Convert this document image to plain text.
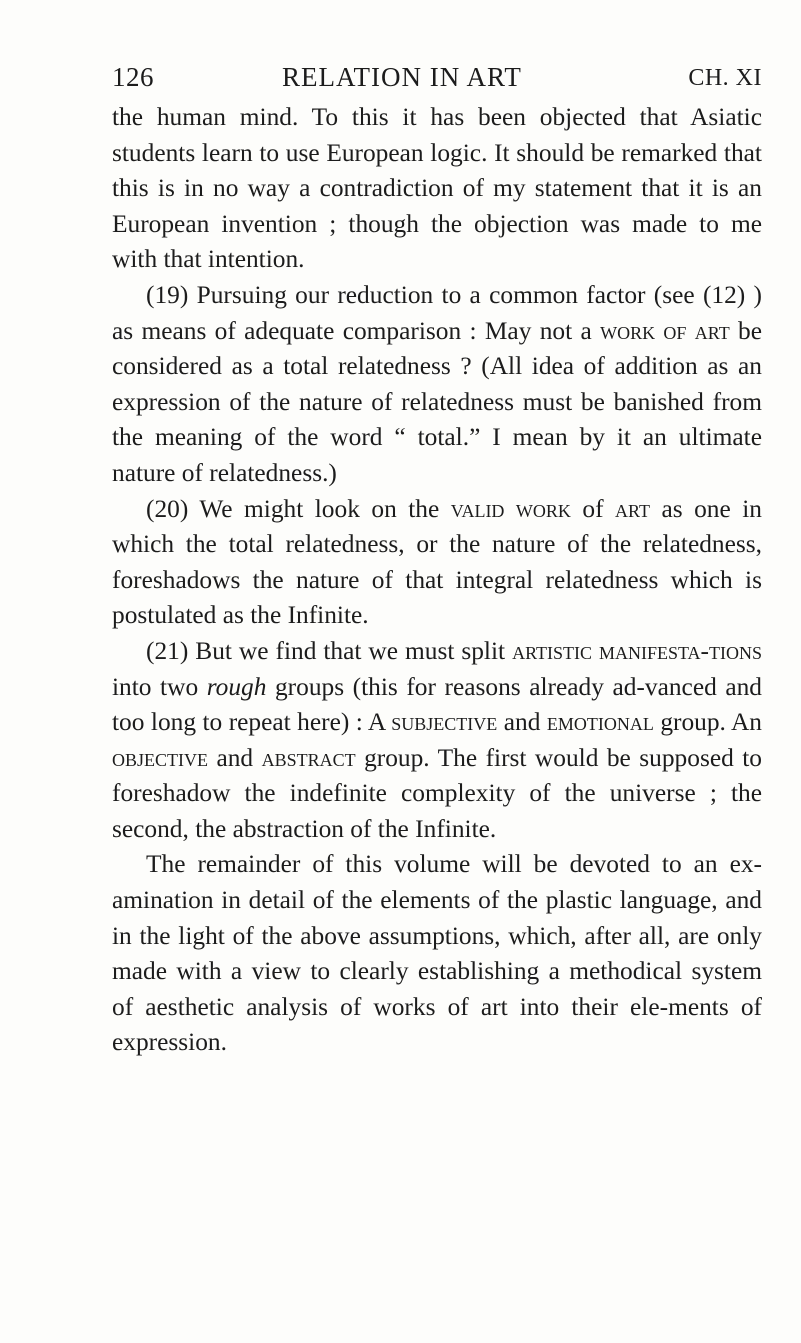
126	RELATION IN ART	CH. XI

the human mind. To this it has been objected that Asiatic students learn to use European logic. It should be remarked that this is in no way a contradiction of my statement that it is an European invention ; though the objection was made to me with that intention.

(19) Pursuing our reduction to a common factor (see (12) ) as means of adequate comparison : May not a work of art be considered as a total relatedness ? (All idea of addition as an expression of the nature of relatedness must be banished from the meaning of the word “ total.” I mean by it an ultimate nature of relatedness.)

(20) We might look on the valid work of art as one in which the total relatedness, or the nature of the relatedness, foreshadows the nature of that integral relatedness which is postulated as the Infinite.

(21) But we find that we must split artistic manifesta-tions into two rough groups (this for reasons already ad-vanced and too long to repeat here) : A subjective and emotional group. An objective and abstract group. The first would be supposed to foreshadow the indefinite complexity of the universe ; the second, the abstraction of the Infinite.

The remainder of this volume will be devoted to an ex-amination in detail of the elements of the plastic language, and in the light of the above assumptions, which, after all, are only made with a view to clearly establishing a methodical system of aesthetic analysis of works of art into their ele-ments of expression.
